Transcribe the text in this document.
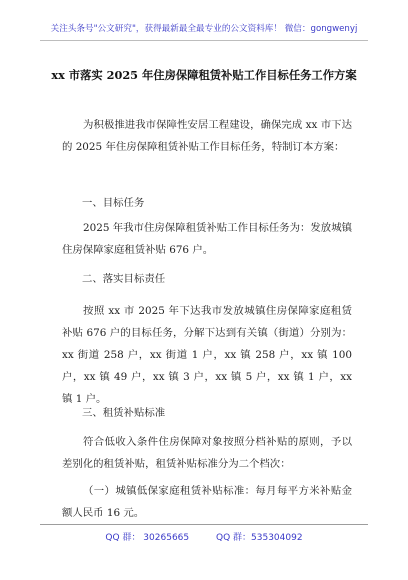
关注头条号"公文研究"，获得最新最全最专业的公文资料库！ 微信：gongwenyj
xx 市落实 2025 年住房保障租赁补贴工作目标任务工作方案
为积极推进我市保障性安居工程建设，确保完成 xx 市下达的 2025 年住房保障租赁补贴工作目标任务，特制订本方案：
一、目标任务
2025 年我市住房保障租赁补贴工作目标任务为：发放城镇住房保障家庭租赁补贴 676 户。
二、落实目标责任
按照 xx 市 2025 年下达我市发放城镇住房保障家庭租赁补贴 676 户的目标任务，分解下达到有关镇（街道）分别为：xx 街道 258 户，xx 街道 1 户，xx 镇 258 户，xx 镇 100 户，xx 镇 49 户，xx 镇 3 户，xx 镇 5 户，xx 镇 1 户，xx 镇 1 户。
三、租赁补贴标准
符合低收入条件住房保障对象按照分档补贴的原则，予以差别化的租赁补贴，租赁补贴标准分为二个档次：
（一）城镇低保家庭租赁补贴标准：每月每平方米补贴金额人民币 16 元。
QQ 群： 30265665	QQ 群：535304092
